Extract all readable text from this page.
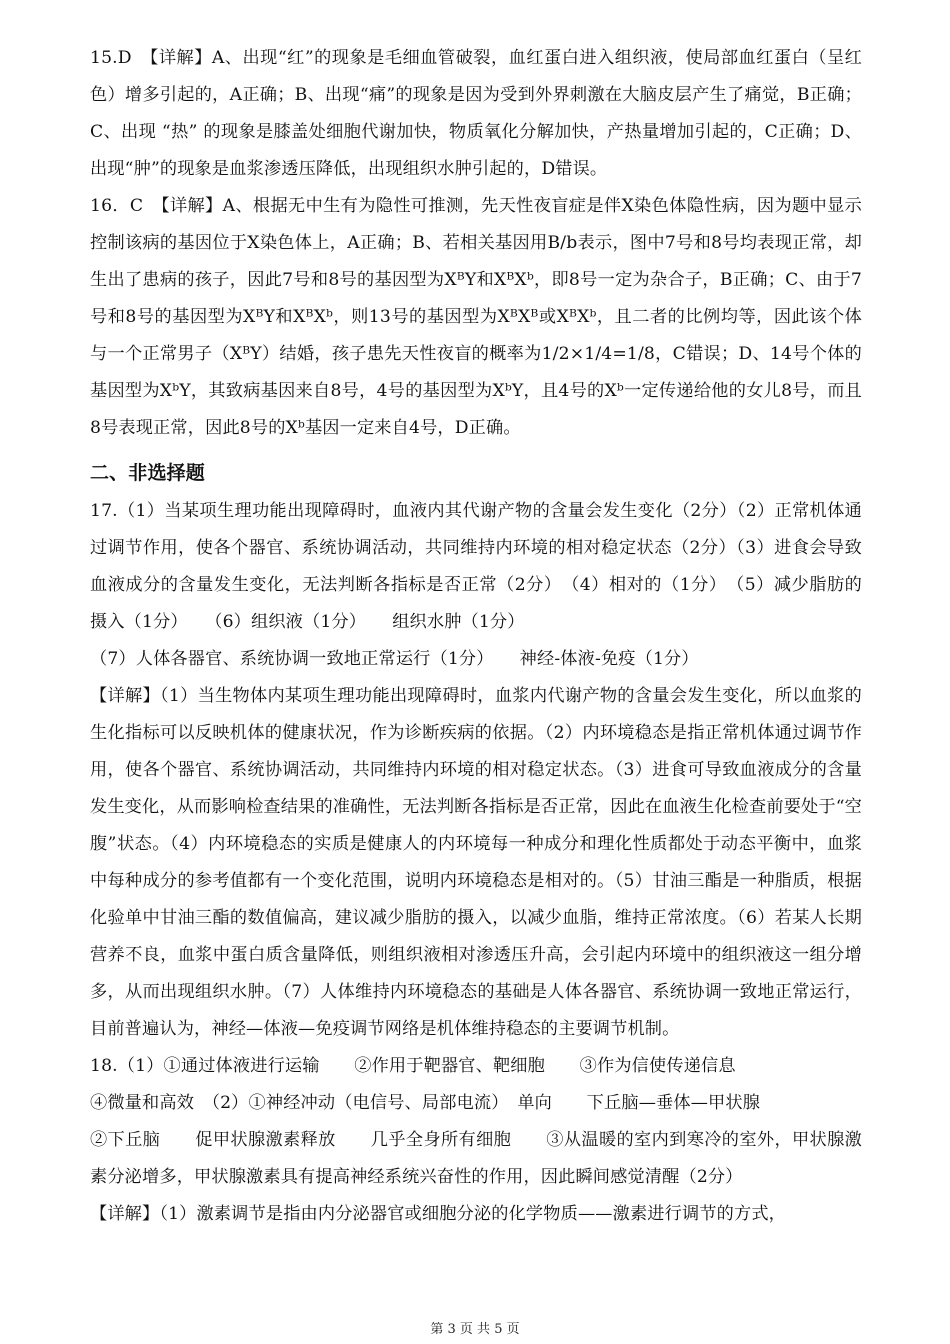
15.D　【详解】A、出现“红”的现象是毛细血管破裂，血红蛋白进入组织液，使局部血红蛋白（呈红色）增多引起的，A正确；B、出现“痛”的现象是因为受到外界刺激在大脑皮层产生了痛觉，B正确；C、出现 “热” 的现象是膝盖处细胞代谢加快，物质氧化分解加快，产热量增加引起的，C正确；D、出现“肿”的现象是血浆渗透压降低，出现组织水肿引起的，D错误。

16．C　【详解】A、根据无中生有为隐性可推测，先天性夜盲症是伴X染色体隐性病，因为题中显示控制该病的基因位于X染色体上，A正确；B、若相关基因用B/b表示，图中7号和8号均表现正常，却生出了患病的孩子，因此7号和8号的基因型为XᴮY和XᴮXᵇ，即8号一定为杂合子，B正确；C、由于7号和8号的基因型为XᴮY和XᴮXᵇ，则13号的基因型为XᴮXᴮ或XᴮXᵇ，且二者的比例均等，因此该个体与一个正常男子（XᴮY）结婚，孩子患先天性夜盲的概率为1/2×1/4=1/8，C错误；D、14号个体的基因型为XᵇY，其致病基因来自8号，4号的基因型为XᵇY，且4号的Xᵇ一定传递给他的女儿8号，而且8号表现正常，因此8号的Xᵇ基因一定来自4号，D正确。

二、非选择题

17.（1）当某项生理功能出现障碍时，血液内其代谢产物的含量会发生变化（2分）（2）正常机体通过调节作用，使各个器官、系统协调活动，共同维持内环境的相对稳定状态（2分）（3）进食会导致血液成分的含量发生变化，无法判断各指标是否正常（2分）　（4）相对的（1分）　（5）减少脂肪的摄入（1分）　　（6）组织液（1分）　　组织水肿（1分）

（7）人体各器官、系统协调一致地正常运行（1分）　　神经-体液-免疫（1分）

【详解】（1）当生物体内某项生理功能出现障碍时，血浆内代谢产物的含量会发生变化，所以血浆的生化指标可以反映机体的健康状况，作为诊断疾病的依据。（2）内环境稳态是指正常机体通过调节作用，使各个器官、系统协调活动，共同维持内环境的相对稳定状态。（3）进食可导致血液成分的含量发生变化，从而影响检查结果的准确性，无法判断各指标是否正常，因此在血液生化检查前要处于“空腹”状态。（4）内环境稳态的实质是健康人的内环境每一种成分和理化性质都处于动态平衡中，血浆中每种成分的参考值都有一个变化范围，说明内环境稳态是相对的。（5）甘油三酯是一种脂质，根据化验单中甘油三酯的数值偏高，建议减少脂肪的摄入，以减少血脂，维持正常浓度。（6）若某人长期营养不良，血浆中蛋白质含量降低，则组织液相对渗透压升高，会引起内环境中的组织液这一组分增多，从而出现组织水肿。（7）人体维持内环境稳态的基础是人体各器官、系统协调一致地正常运行，目前普遍认为，神经—体液—免疫调节网络是机体维持稳态的主要调节机制。

18.（1）①通过体液进行运输　　②作用于靶器官、靶细胞　　③作为信使传递信息

④微量和高效　（2）①神经冲动（电信号、局部电流）　单向　　下丘脑—垂体—甲状腺

②下丘脑　　促甲状腺激素释放　　几乎全身所有细胞　　③从温暖的室内到寒冷的室外，甲状腺激素分泌增多，甲状腺激素具有提高神经系统兴奋性的作用，因此瞬间感觉清醒（2分）

【详解】（1）激素调节是指由内分泌器官或细胞分泌的化学物质——激素进行调节的方式，

第 3 页 共 5 页
